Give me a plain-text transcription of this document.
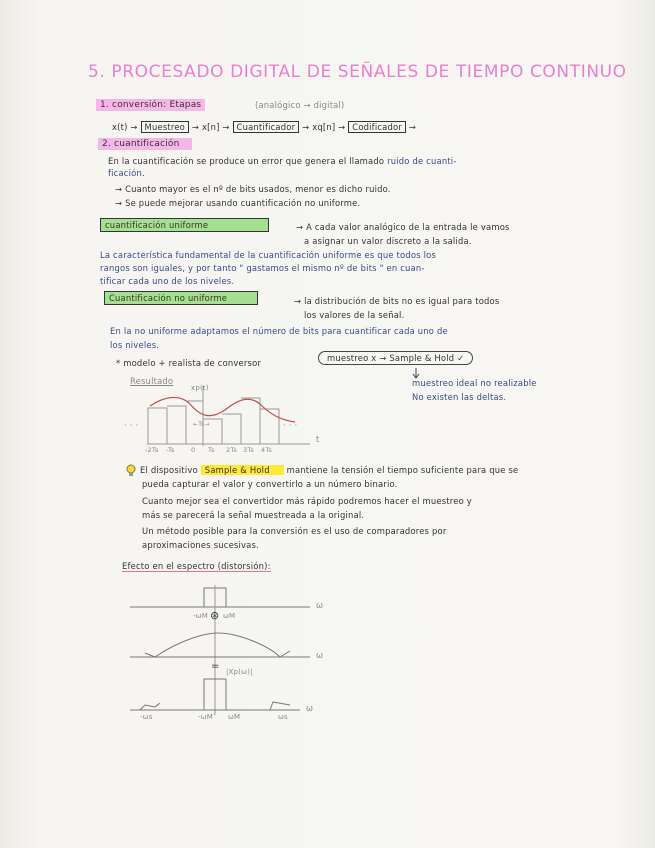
5. PROCESADO DIGITAL DE SEÑALES DE TIEMPO CONTINUO
1. conversión: Etapas	(analógico → digital)
x(t) → Muestreo → x[n] → Cuantificador → xq[n] → Codificador →
2. cuantificación
En la cuantificación se produce un error que genera el llamado ruido de cuanti-
ficación.
→ Cuanto mayor es el nº de bits usados, menor es dicho ruido.
→ Se puede mejorar usando cuantificación no uniforme.
cuantificación uniforme	→ A cada valor analógico de la entrada le vamos
a asignar un valor discreto a la salida.
La característica fundamental de la cuantificación uniforme es que todos los
rangos son iguales, y por tanto " gastamos el mismo nº de bits " en cuan-
tificar cada uno de los niveles.
Cuantificación no uniforme	→ la distribución de bits no es igual para todos
los valores de la señal.
En la no uniforme adaptamos el número de bits para cuantificar cada uno de
los niveles.
* modelo + realista de conversor	muestreo x → Sample & Hold ✓
muestreo ideal no realizable
No existen las deltas.
Resultado
xp(t)
· · ·	· · ·
←Ts→
t
-2Ts -Ts	0 Ts 2Ts 3Ts 4Ts
El dispositivo Sample & Hold mantiene la tensión el tiempo suficiente para que se
pueda capturar el valor y convertirlo a un número binario.
Cuanto mejor sea el convertidor más rápido podremos hacer el muestreo y
más se parecerá la señal muestreada a la original.
Un método posible para la conversión es el uso de comparadores por
aproximaciones sucesivas.
Efecto en el espectro (distorsión):
ω
ω
ω
-ωM ⊛ ωM
= |Xp(ω)|
-ωs	-ωM ωM	ωs
